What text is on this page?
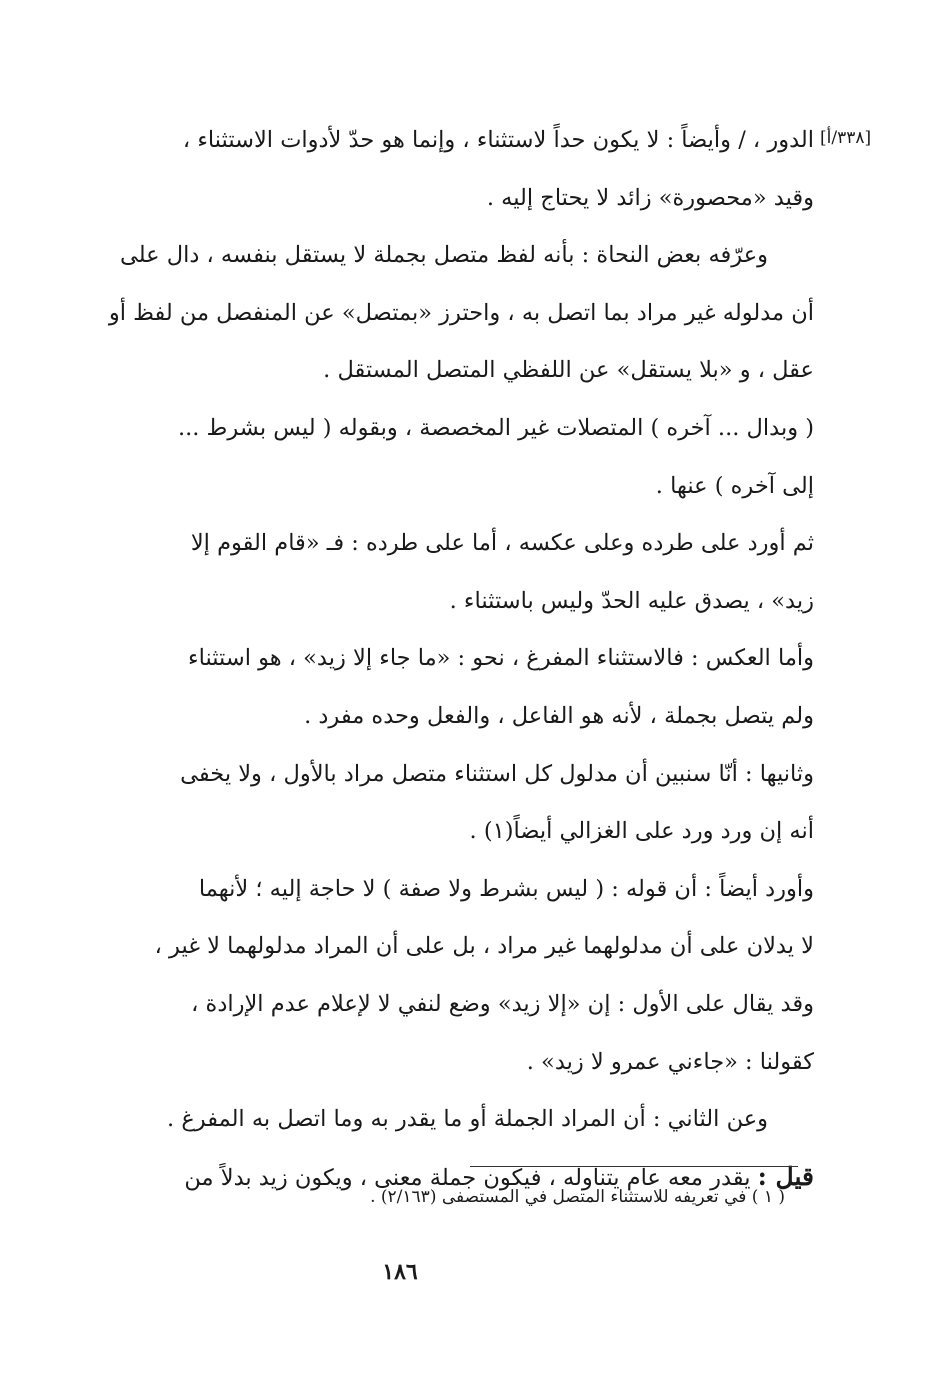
[٣٣٨/أ]
الدور ، / وأيضاً : لا يكون حداً لاستثناء ، وإنما هو حدّ لأدوات الاستثناء ،
وقيد «محصورة» زائد لا يحتاج إليه .
وعرّفه بعض النحاة : بأنه لفظ متصل بجملة لا يستقل بنفسه ، دال على
أن مدلوله غير مراد بما اتصل به ، واحترز «بمتصل» عن المنفصل من لفظ أو
عقل ، و «بلا يستقل» عن اللفظي المتصل المستقل .
( وبدال ... آخره ) المتصلات غير المخصصة ، وبقوله ( ليس بشرط ...
إلى آخره ) عنها .
ثم أورد على طرده وعلى عكسه ، أما على طرده : فـ «قام القوم إلا
زيد» ، يصدق عليه الحدّ وليس باستثناء .
وأما العكس : فالاستثناء المفرغ ، نحو : «ما جاء إلا زيد» ، هو استثناء
ولم يتصل بجملة ، لأنه هو الفاعل ، والفعل وحده مفرد .
وثانيها : أنّا سنبين أن مدلول كل استثناء متصل مراد بالأول ، ولا يخفى
أنه إن ورد ورد على الغزالي أيضاً(١) .
وأورد أيضاً : أن قوله : ( ليس بشرط ولا صفة ) لا حاجة إليه ؛ لأنهما
لا يدلان على أن مدلولهما غير مراد ، بل على أن المراد مدلولهما لا غير ،
وقد يقال على الأول : إن «إلا زيد» وضع لنفي لا لإعلام عدم الإرادة ،
كقولنا : «جاءني عمرو لا زيد» .
وعن الثاني : أن المراد الجملة أو ما يقدر به وما اتصل به المفرغ .
قيل : يقدر معه عام يتناوله ، فيكون جملة معنى ، ويكون زيد بدلاً من
( ١ ) في تعريفه للاستثناء المتصل في المستصفى (٢/١٦٣) .
١٨٦
